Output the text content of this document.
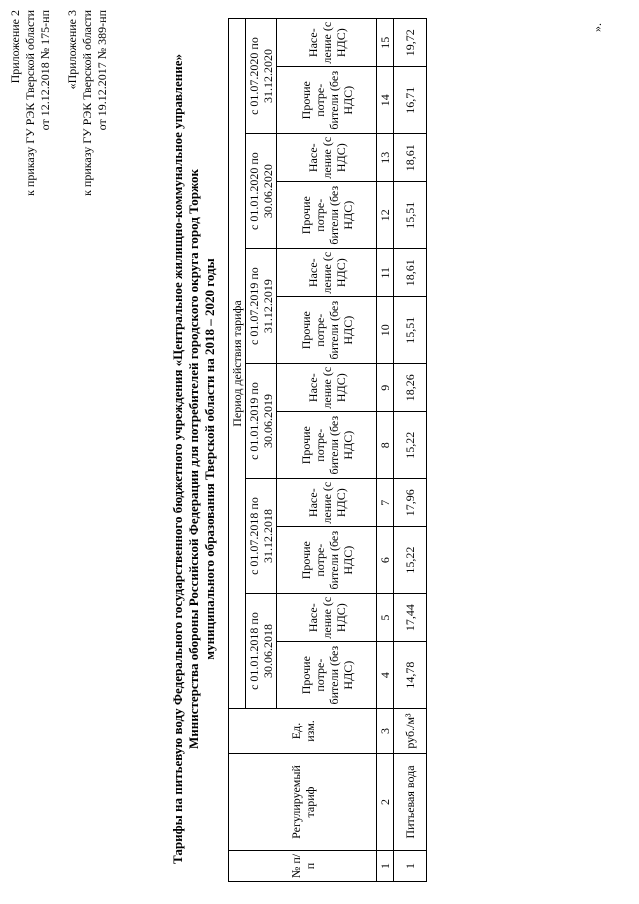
Приложение 2 к приказу ГУ РЭК Тверской области от 12.12.2018 № 175-нп «Приложение 3 к приказу ГУ РЭК Тверской области от 19.12.2017 № 389-нп	Тарифы на питьевую воду Федерального государственного бюджетного учреждения «Центральное жилищно-коммунальное управление» Министерства обороны Российской Федерации для потребителей городского округа город Торжок муниципального образования Тверской области на 2018 – 2020 годы
№ п/п	Регулируемый тариф	Ед. изм.	Период действия тарифа											
			с 01.01.2018 по 30.06.2018		с 01.07.2018 по 31.12.2018		с 01.01.2019 по 30.06.2019		с 01.07.2019 по 31.12.2019		с 01.01.2020 по 30.06.2020		с 01.07.2020 по 31.12.2020	
			Прочие потре- бители (без НДС)	Насе- ление (с НДС)	Прочие потре- бители (без НДС)	Насе- ление (с НДС)	Прочие потре- бители (без НДС)	Насе- ление (с НДС)	Прочие потре- бители (без НДС)	Насе- ление (с НДС)	Прочие потре- бители (без НДС)	Насе- ление (с НДС)	Прочие потре- бители (без НДС)	Насе- ление (с НДС)
1	2	3	4	5	6	7	8	9	10	11	12	13	14	15
1	Питьевая вода	руб./м³	14,78	17,44	15,22	17,96	15,22	18,26	15,51	18,61	15,51	18,61	16,71	19,72
».
